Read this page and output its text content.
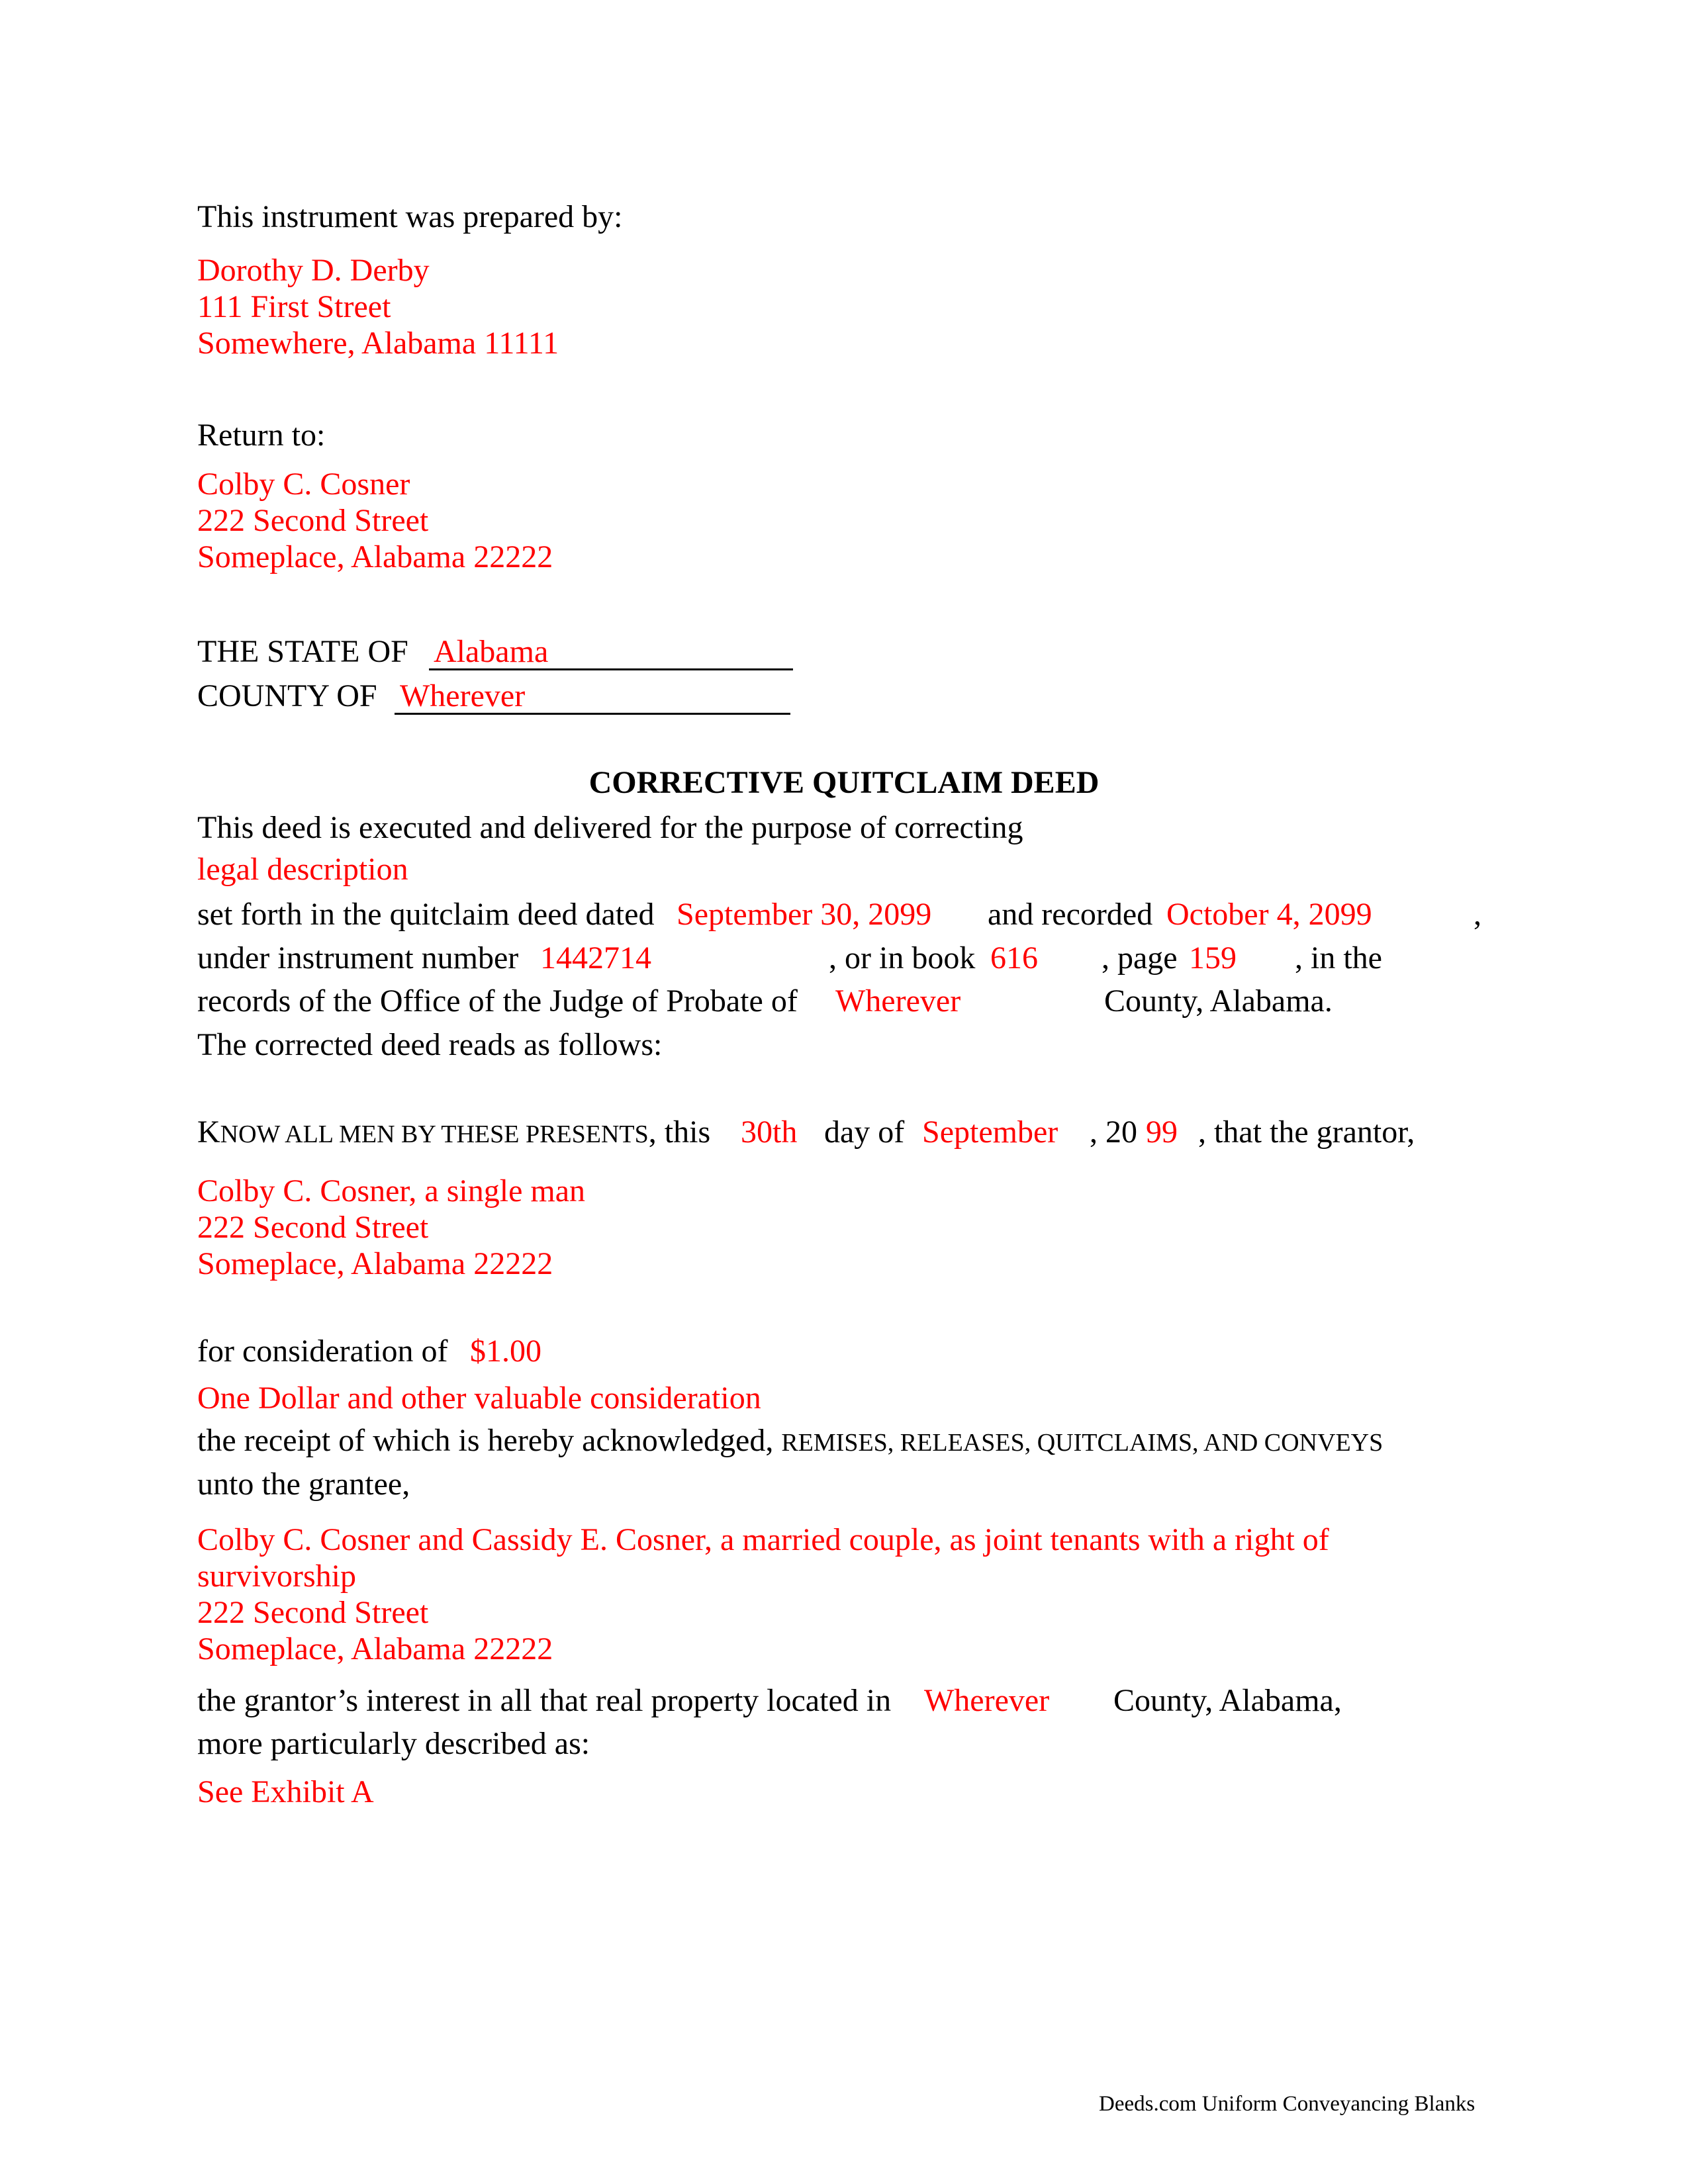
This instrument was prepared by:
Dorothy D. Derby
111 First Street
Somewhere, Alabama 11111
Return to:
Colby C. Cosner
222 Second Street
Someplace, Alabama 22222
THE STATE OF Alabama
COUNTY OF Wherever
CORRECTIVE QUITCLAIM DEED
This deed is executed and delivered for the purpose of correcting
legal description
set forth in the quitclaim deed dated September 30, 2099 and recorded October 4, 2099	,
under instrument number 1442714	, or in book 616 , page 159 , in the
records of the Office of the Judge of Probate of Wherever	County, Alabama.
The corrected deed reads as follows:
KNOW ALL MEN BY THESE PRESENTS, this 30th day of September , 20 99 , that the grantor,
Colby C. Cosner, a single man
222 Second Street
Someplace, Alabama 22222
for consideration of $1.00
One Dollar and other valuable consideration
the receipt of which is hereby acknowledged, REMISES, RELEASES, QUITCLAIMS, AND CONVEYS
unto the grantee,
Colby C. Cosner and Cassidy E. Cosner, a married couple, as joint tenants with a right of
survivorship
222 Second Street
Someplace, Alabama 22222
the grantor’s interest in all that real property located in Wherever County, Alabama,
more particularly described as:
See Exhibit A
Deeds.com Uniform Conveyancing Blanks
